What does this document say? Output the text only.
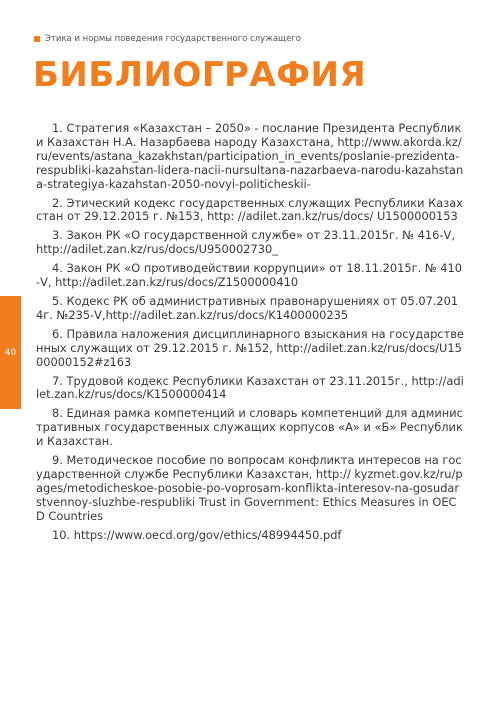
Этика и нормы поведения государственного служащего
БИБЛИОГРАФИЯ
40
1. Стратегия «Казахстан – 2050» - послание Президента Республики Казахстан Н.А. Назарбаева народу Казахстана, http://www.akorda.kz/ru/events/astana_kazakhstan/participation_in_events/poslanie-prezidenta-respubliki-kazahstan-lidera-nacii-nursultana-nazarbaeva-narodu-kazahstana-strategiya-kazahstan-2050-novyi-politicheskii-
2. Этический кодекс государственных служащих Республики Казахстан от 29.12.2015 г. №153, http: //adilet.zan.kz/rus/docs/ U1500000153
3. Закон РК «О государственной службе» от 23.11.2015г. № 416-V, http://adilet.zan.kz/rus/docs/U950002730_
4. Закон РК «О противодействии коррупции» от 18.11.2015г. № 410-V, http://adilet.zan.kz/rus/docs/Z1500000410
5. Кодекс РК об административных правонарушениях от 05.07.2014г. №235-V,http://adilet.zan.kz/rus/docs/K1400000235
6. Правила наложения дисциплинарного взыскания на государственных служащих от 29.12.2015 г. №152, http://adilet.zan.kz/rus/docs/U1500000152#z163
7. Трудовой кодекс Республики Казахстан от 23.11.2015г., http://adilet.zan.kz/rus/docs/K1500000414
8. Единая рамка компетенций и словарь компетенций для административных государственных служащих корпусов «А» и «Б» Республики Казахстан.
9. Методическое пособие по вопросам конфликта интересов на государственной службе Республики Казахстан, http:// kyzmet.gov.kz/ru/pages/metodicheskoe-posobie-po-voprosam-konflikta-interesov-na-gosudarstvennoy-sluzhbe-respubliki Trust in Government: Ethics Measures in OECD Countries
10. https://www.oecd.org/gov/ethics/48994450.pdf
